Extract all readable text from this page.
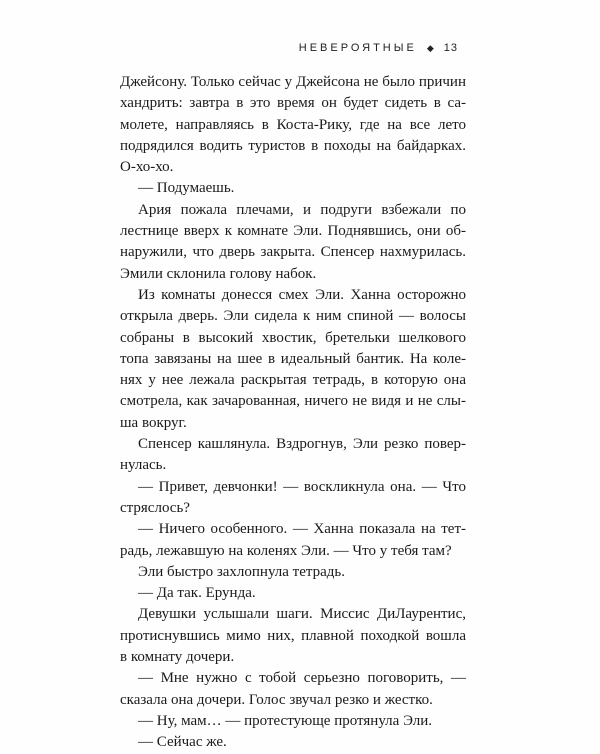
НЕВЕРОЯТНЫЕ ◆ 13
Джейсону. Только сейчас у Джейсона не было причин
хандрить: завтра в это время он будет сидеть в са-
молете, направляясь в Коста-Рику, где на все лето
подрядился водить туристов в походы на байдарках.
О-хо-хо.
— Подумаешь.
Ария пожала плечами, и подруги взбежали по
лестнице вверх к комнате Эли. Поднявшись, они об-
наружили, что дверь закрыта. Спенсер нахмурилась.
Эмили склонила голову набок.
Из комнаты донесся смех Эли. Ханна осторожно
открыла дверь. Эли сидела к ним спиной — волосы
собраны в высокий хвостик, бретельки шелкового
топа завязаны на шее в идеальный бантик. На коле-
нях у нее лежала раскрытая тетрадь, в которую она
смотрела, как зачарованная, ничего не видя и не слы-
ша вокруг.
Спенсер кашлянула. Вздрогнув, Эли резко повер-
нулась.
— Привет, девчонки! — воскликнула она. — Что
стряслось?
— Ничего особенного. — Ханна показала на тет-
радь, лежавшую на коленях Эли. — Что у тебя там?
Эли быстро захлопнула тетрадь.
— Да так. Ерунда.
Девушки услышали шаги. Миссис ДиЛаурентис,
протиснувшись мимо них, плавной походкой вошла
в комнату дочери.
— Мне нужно с тобой серьезно поговорить, —
сказала она дочери. Голос звучал резко и жестко.
— Ну, мам… — протестующе протянула Эли.
— Сейчас же.
